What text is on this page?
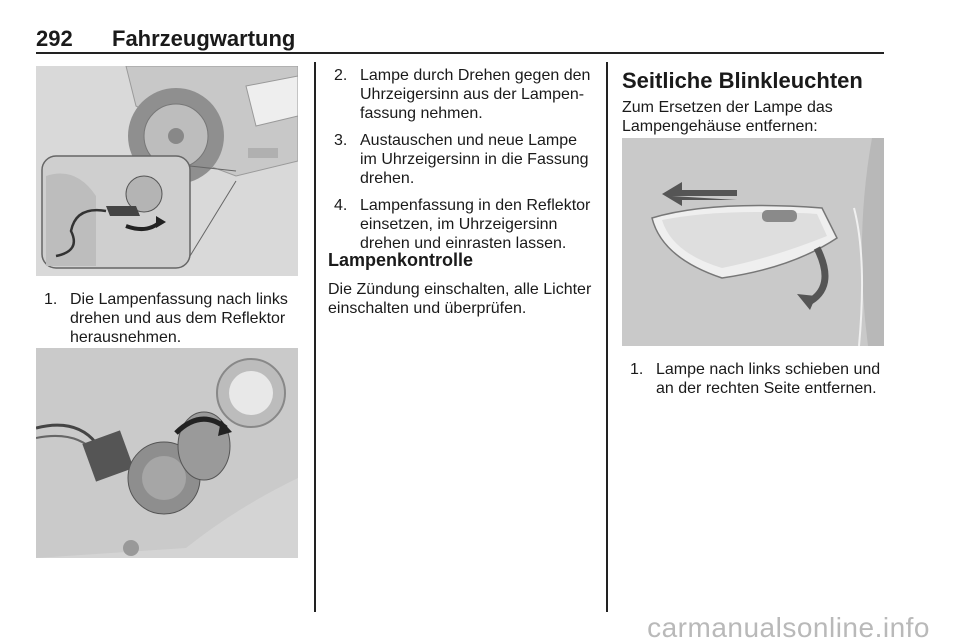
292 Fahrzeugwartung
1. Die Lampenfassung nach links drehen und aus dem Reflektor herausnehmen.
2. Lampe durch Drehen gegen den Uhrzeigersinn aus der Lampen-fassung nehmen.
3. Austauschen und neue Lampe im Uhrzeigersinn in die Fassung drehen.
4. Lampenfassung in den Reflektor einsetzen, im Uhrzeigersinn drehen und einrasten lassen.
Lampenkontrolle
Die Zündung einschalten, alle Lichter einschalten und überprüfen.
Seitliche Blinkleuchten
Zum Ersetzen der Lampe das Lampengehäuse entfernen:
1. Lampe nach links schieben und an der rechten Seite entfernen.
carmanualsonline.info
